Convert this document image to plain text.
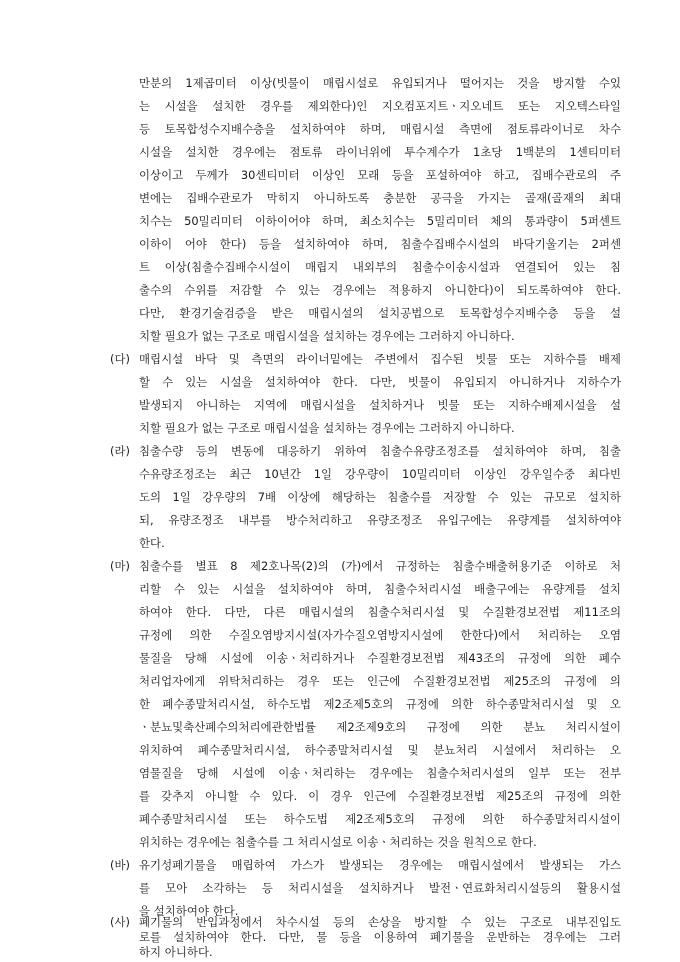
만분의 1제곱미터 이상(빗물이 매립시설로 유입되거나 떨어지는 것을 방지할 수있

는 시설을 설치한 경우를 제외한다)인 지오컴포지트ㆍ지오네트 또는 지오텍스타일

등 토목합성수지배수층을 설치하여야 하며, 매립시설 측면에 점토류라이너로 차수

시설을 설치한 경우에는 점토류 라이너위에 투수계수가 1초당 1백분의 1센티미터

이상이고 두께가 30센티미터 이상인 모래 등을 포설하여야 하고, 집배수관로의 주

변에는 집배수관로가 막히지 아니하도록 충분한 공극을 가지는 골재(골재의 최대

치수는 50밀리미터 이하이어야 하며, 최소치수는 5밀리미터 체의 통과량이 5퍼센트

이하이 어야 한다) 등을 설치하여야 하며, 침출수집배수시설의 바닥기울기는 2퍼센

트 이상(침출수집배수시설이 매립지 내외부의 침출수이송시설과 연결되어 있는 침

출수의 수위를 저감할 수 있는 경우에는 적용하지 아니한다)이 되도록하여야 한다.

다만, 환경기술검증을 받은 매립시설의 설치공법으로 토목합성수지배수층 등을 설

치할 필요가 없는 구조로 매립시설을 설치하는 경우에는 그러하지 아니하다.

(다) 매립시설 바닥 및 측면의 라이너밑에는 주변에서 집수된 빗물 또는 지하수를 배제

할 수 있는 시설을 설치하여야 한다. 다만, 빗물이 유입되지 아니하거나 지하수가

발생되지 아니하는 지역에 매립시설을 설치하거나 빗물 또는 지하수배제시설을 설

치할 필요가 없는 구조로 매립시설을 설치하는 경우에는 그러하지 아니하다.

(라) 침출수량 등의 변동에 대응하기 위하여 침출수유량조정조를 설치하여야 하며, 침출

수유량조정조는 최근 10년간 1일 강우량이 10밀리미터 이상인 강우일수중 최다빈

도의 1일 강우량의 7배 이상에 해당하는 침출수를 저장할 수 있는 규모로 설치하

되, 유량조정조 내부를 방수처리하고 유량조정조 유입구에는 유량계를 설치하여야

한다.

(마) 침출수를 별표 8 제2호나목(2)의 (가)에서 규정하는 침출수배출허용기준 이하로 처

리할 수 있는 시설을 설치하여야 하며, 침출수처리시설 배출구에는 유량계를 설치

하여야 한다. 다만, 다른 매립시설의 침출수처리시설 및 수질환경보전법 제11조의

규정에 의한 수질오염방지시설(자가수질오염방지시설에 한한다)에서 처리하는 오염

물질을 당해 시설에 이송ㆍ처리하거나 수질환경보전법 제43조의 규정에 의한 폐수

처리업자에게 위탁처리하는 경우 또는 인근에 수질환경보전법 제25조의 규정에 의

한 폐수종말처리시설, 하수도법 제2조제5호의 규정에 의한 하수종말처리시설 및 오

ㆍ분뇨및축산폐수의처리에관한법률 제2조제9호의 규정에 의한 분뇨 처리시설이

위치하여 폐수종말처리시설, 하수종말처리시설 및 분뇨처리 시설에서 처리하는 오

염물질을 당해 시설에 이송ㆍ처리하는 경우에는 침출수처리시설의 일부 또는 전부

를 갖추지 아니할 수 있다. 이 경우 인근에 수질환경보전법 제25조의 규정에 의한

폐수종말처리시설 또는 하수도법 제2조제5호의 규정에 의한 하수종말처리시설이

위치하는 경우에는 침출수를 그 처리시설로 이송ㆍ처리하는 것을 원칙으로 한다.

(바) 유기성폐기물을 매립하여 가스가 발생되는 경우에는 매립시설에서 발생되는 가스

를 모아 소각하는 등 처리시설을 설치하거나 발전ㆍ연료화처리시설등의 활용시설

을 설치하여야 한다.

(사) 폐기물의 반입과정에서 차수시설 등의 손상을 방지할 수 있는 구조로 내부진입도

로를 설치하여야 한다. 다만, 물 등을 이용하여 폐기물을 운반하는 경우에는 그러

하지 아니하다.
